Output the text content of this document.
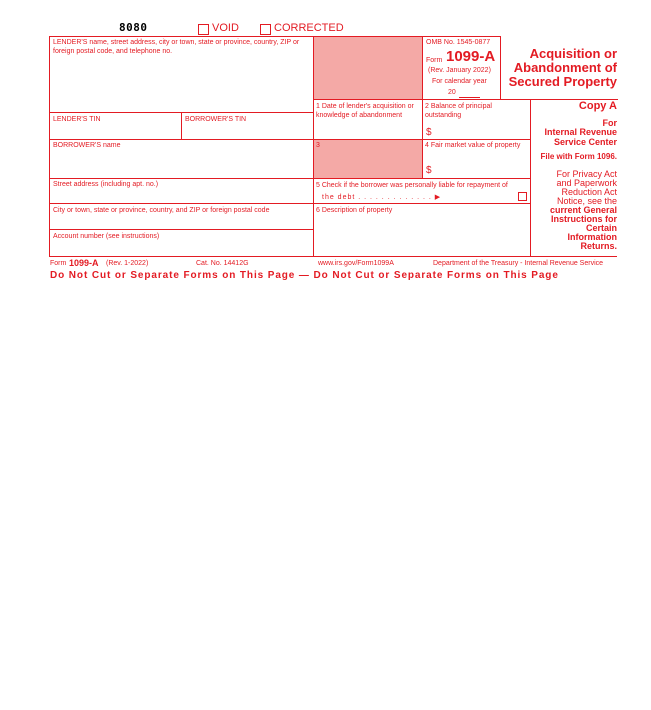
8080	VOID	CORRECTED
LENDER'S name, street address, city or town, state or province, country, ZIP or foreign postal code, and telephone no.
LENDER'S TIN	BORROWER'S TIN
BORROWER'S name
Street address (including apt. no.)
City or town, state or province, country, and ZIP or foreign postal code
Account number (see instructions)
1 Date of lender's acquisition or knowledge of abandonment
2 Balance of principal outstanding
$
3	4 Fair market value of property
$
5 Check if the borrower was personally liable for repayment of
the debt . . . . . . . . . . . . . ▶
6 Description of property
OMB No. 1545-0877
Form 1099-A
(Rev. January 2022)
For calendar year
20
Acquisition or
Abandonment of
Secured Property
Copy A
For
Internal Revenue
Service Center
File with Form 1096.
For Privacy Act
and Paperwork
Reduction Act
Notice, see the
current General
Instructions for
Certain
Information
Returns.
Form 1099-A (Rev. 1-2022)	Cat. No. 14412G	www.irs.gov/Form1099A	Department of the Treasury - Internal Revenue Service
Do Not Cut or Separate Forms on This Page — Do Not Cut or Separate Forms on This Page
